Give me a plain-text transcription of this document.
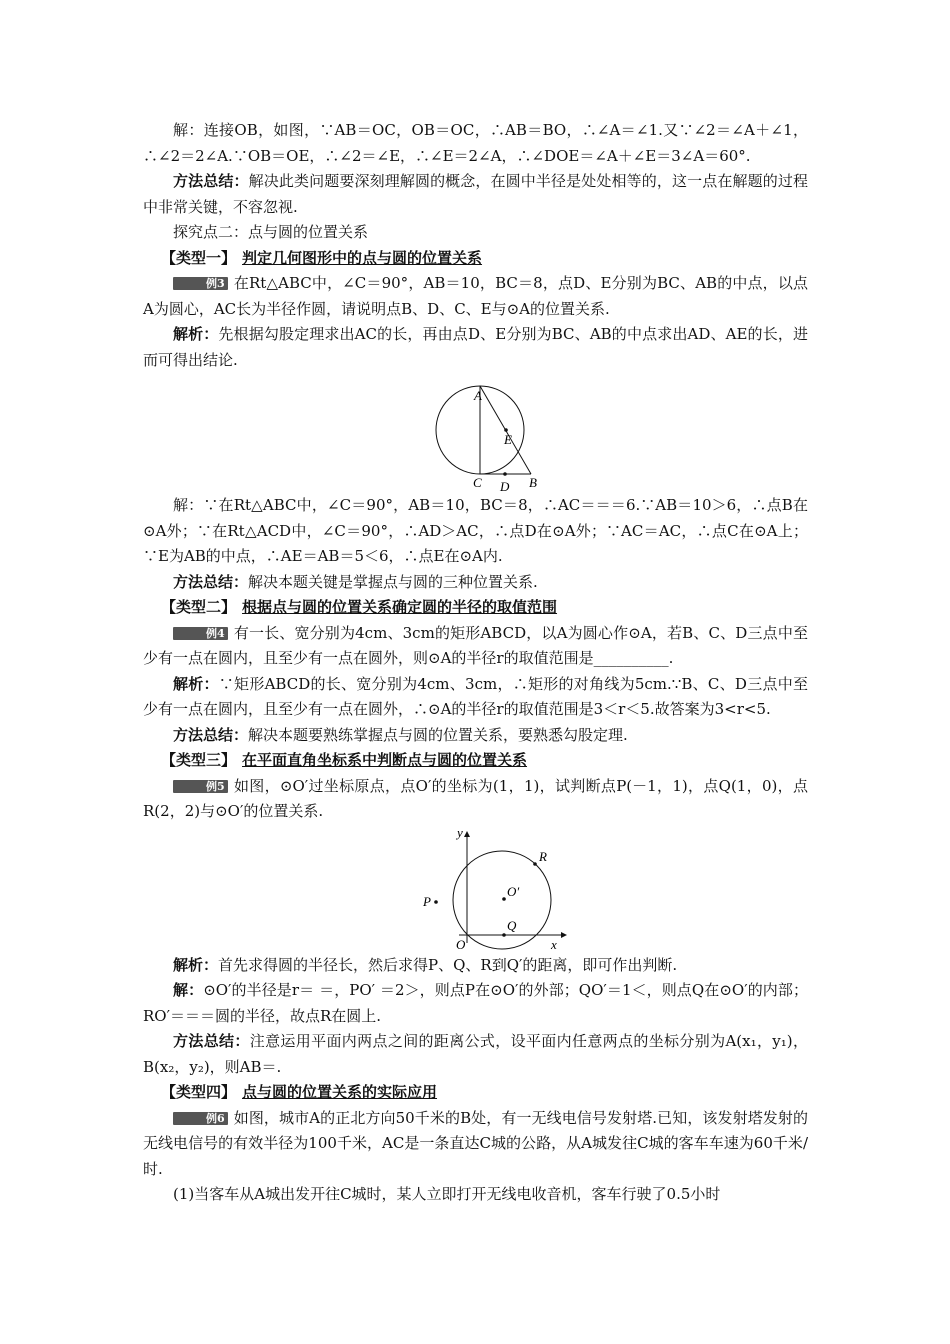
解：连接OB，如图，∵AB＝OC，OB＝OC，∴AB＝BO，∴∠A＝∠1.又∵∠2＝∠A＋∠1，∴∠2＝2∠A.∵OB＝OE，∴∠2＝∠E，∴∠E＝2∠A，∴∠DOE＝∠A＋∠E＝3∠A＝60°.

方法总结：解决此类问题要深刻理解圆的概念，在圆中半径是处处相等的，这一点在解题的过程中非常关键，不容忽视.

探究点二：点与圆的位置关系

【类型一】 判定几何图形中的点与圆的位置关系

例3 在Rt△ABC中，∠C＝90°，AB＝10，BC＝8，点D、E分别为BC、AB的中点，以点A为圆心，AC长为半径作圆，请说明点B、D、C、E与⊙A的位置关系.

解析：先根据勾股定理求出AC的长，再由点D、E分别为BC、AB的中点求出AD、AE的长，进而可得出结论.

A
E
C D B

解：∵在Rt△ABC中，∠C＝90°，AB＝10，BC＝8，∴AC＝＝＝6.∵AB＝10＞6，∴点B在⊙A外；∵在Rt△ACD中，∠C＝90°，∴AD＞AC，∴点D在⊙A外；∵AC＝AC，∴点C在⊙A上；∵E为AB的中点，∴AE＝AB＝5＜6，∴点E在⊙A内.

方法总结：解决本题关键是掌握点与圆的三种位置关系.

【类型二】 根据点与圆的位置关系确定圆的半径的取值范围

例4 有一长、宽分别为4cm、3cm的矩形ABCD，以A为圆心作⊙A，若B、C、D三点中至少有一点在圆内，且至少有一点在圆外，则⊙A的半径r的取值范围是__________.

解析：∵矩形ABCD的长、宽分别为4cm、3cm，∴矩形的对角线为5cm.∵B、C、D三点中至少有一点在圆内，且至少有一点在圆外，∴⊙A的半径r的取值范围是3＜r＜5.故答案为3<r<5.

方法总结：解决本题要熟练掌握点与圆的位置关系，要熟悉勾股定理.

【类型三】 在平面直角坐标系中判断点与圆的位置关系

例5 如图，⊙O′过坐标原点，点O′的坐标为(1，1)，试判断点P(－1，1)，点Q(1，0)，点R(2，2)与⊙O′的位置关系.

y
x
O
R
O′
P
Q

解析：首先求得圆的半径长，然后求得P、Q、R到Q′的距离，即可作出判断.

解：⊙O′的半径是r＝ ＝，PO′ ＝2＞，则点P在⊙O′的外部；QO′＝1＜，则点Q在⊙O′的内部；RO′＝＝＝圆的半径，故点R在圆上.

方法总结：注意运用平面内两点之间的距离公式，设平面内任意两点的坐标分别为A(x₁，y₁)，B(x₂，y₂)，则AB＝.

【类型四】 点与圆的位置关系的实际应用

例6 如图，城市A的正北方向50千米的B处，有一无线电信号发射塔.已知，该发射塔发射的无线电信号的有效半径为100千米，AC是一条直达C城的公路，从A城发往C城的客车车速为60千米/时.

(1)当客车从A城出发开往C城时，某人立即打开无线电收音机，客车行驶了0.5小时
